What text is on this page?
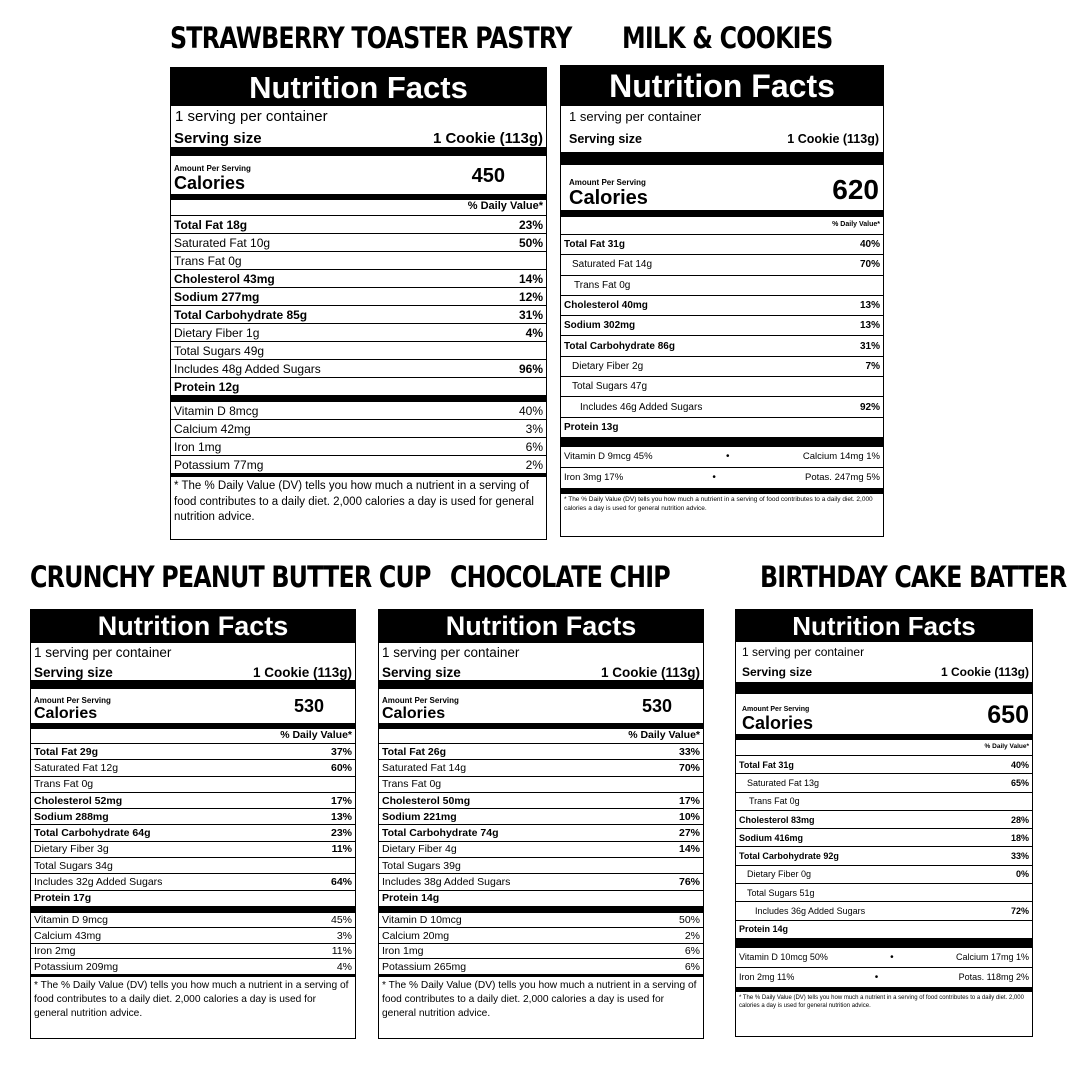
STRAWBERRY TOASTER PASTRY MILK & COOKIES
CRUNCHY PEANUT BUTTER CUP CHOCOLATE CHIP	BIRTHDAY CAKE BATTER
Nutrition Facts
1 serving per container
Serving size	1 Cookie (113g)
Amount Per Serving
Calories	450
% Daily Value*
Total Fat 18g	23%
Saturated Fat 10g	50%
Trans Fat 0g
Cholesterol 43mg	14%
Sodium 277mg	12%
Total Carbohydrate 85g	31%
Dietary Fiber 1g	4%
Total Sugars 49g
Includes 48g Added Sugars	96%
Protein 12g
Vitamin D 8mcg	40%
Calcium 42mg	3%
Iron 1mg	6%
Potassium 77mg	2%
* The % Daily Value (DV) tells you how much a nutrient in a serving of food contributes to a daily diet. 2,000 calories a day is used for general nutrition advice.
Nutrition Facts
1 serving per container
Serving size	1 Cookie (113g)
Amount Per Serving
Calories	620
% Daily Value*
Total Fat 31g	40%
Saturated Fat 14g	70%
Trans Fat 0g
Cholesterol 40mg	13%
Sodium 302mg	13%
Total Carbohydrate 86g	31%
Dietary Fiber 2g	7%
Total Sugars 47g
Includes 46g Added Sugars	92%
Protein 13g
Vitamin D 9mcg 45%	•	Calcium 14mg 1%
Iron 3mg 17%	•	Potas. 247mg 5%
* The % Daily Value (DV) tells you how much a nutrient in a serving of food contributes to a daily diet. 2,000 calories a day is used for general nutrition advice.
Nutrition Facts
1 serving per container
Serving size	1 Cookie (113g)
Amount Per Serving
Calories	530
% Daily Value*
Total Fat 29g	37%
Saturated Fat 12g	60%
Trans Fat 0g
Cholesterol 52mg	17%
Sodium 288mg	13%
Total Carbohydrate 64g	23%
Dietary Fiber 3g	11%
Total Sugars 34g
Includes 32g Added Sugars	64%
Protein 17g
Vitamin D 9mcg	45%
Calcium 43mg	3%
Iron 2mg	11%
Potassium 209mg	4%
* The % Daily Value (DV) tells you how much a nutrient in a serving of food contributes to a daily diet. 2,000 calories a day is used for general nutrition advice.
Nutrition Facts
1 serving per container
Serving size	1 Cookie (113g)
Amount Per Serving
Calories	530
% Daily Value*
Total Fat 26g	33%
Saturated Fat 14g	70%
Trans Fat 0g
Cholesterol 50mg	17%
Sodium 221mg	10%
Total Carbohydrate 74g	27%
Dietary Fiber 4g	14%
Total Sugars 39g
Includes 38g Added Sugars	76%
Protein 14g
Vitamin D 10mcg	50%
Calcium 20mg	2%
Iron 1mg	6%
Potassium 265mg	6%
* The % Daily Value (DV) tells you how much a nutrient in a serving of food contributes to a daily diet. 2,000 calories a day is used for general nutrition advice.
Nutrition Facts
1 serving per container
Serving size	1 Cookie (113g)
Amount Per Serving
Calories	650
% Daily Value*
Total Fat 31g	40%
Saturated Fat 13g	65%
Trans Fat 0g
Cholesterol 83mg	28%
Sodium 416mg	18%
Total Carbohydrate 92g	33%
Dietary Fiber 0g	0%
Total Sugars 51g
Includes 36g Added Sugars	72%
Protein 14g
Vitamin D 10mcg 50%	•	Calcium 17mg 1%
Iron 2mg 11%	•	Potas. 118mg 2%
* The % Daily Value (DV) tells you how much a nutrient in a serving of food contributes to a daily diet. 2,000 calories a day is used for general nutrition advice.
